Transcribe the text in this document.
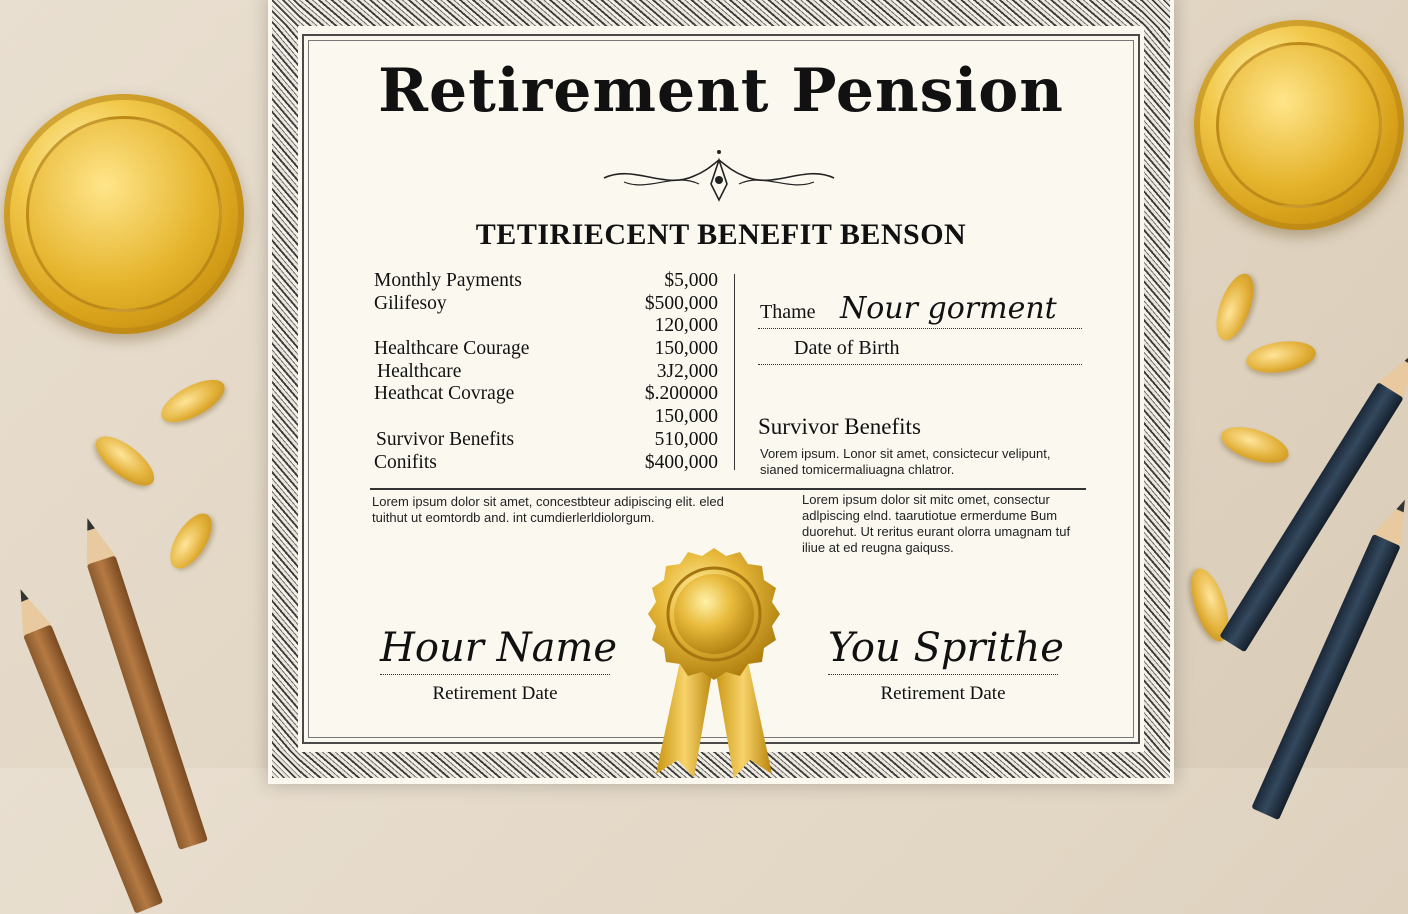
Retirement Pension
TETIRIECENT BENEFIT BENSON
Monthly Payments
Gilifesoy
Healthcare Courage
Healthcare
Heathcat Covrage
Survivor Benefits
Conifits
$5,000
$500,000
120,000
150,000
3J2,000
$.200000
150,000
510,000
$400,000
Thame Nour gorment
Date of Birth
Survivor Benefits
Vorem ipsum. Lonor sit amet, consictecur velipunt, sianed tomicermaliuagna chlatror.
Lorem ipsum dolor sit amet, concestbteur adipiscing elit. eled tuithut ut eomtordb and. int cumdierlerldiolorgum.
Lorem ipsum dolor sit mitc omet, consectur adlpiscing elnd. taarutiotue ermerdume Bum duorehut. Ut reritus eurant olorra umagnam tuf iliue at ed reugna gaiquss.
Hour Name
Retirement Date
You Sprithe
Retirement Date
